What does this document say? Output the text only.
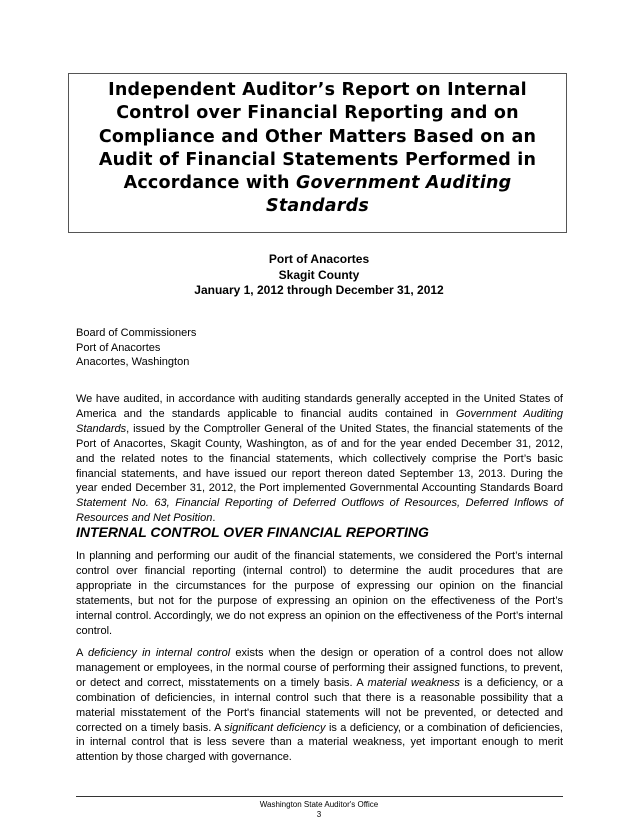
Independent Auditor’s Report on Internal
Control over Financial Reporting and on
Compliance and Other Matters Based on an
Audit of Financial Statements Performed in
Accordance with Government Auditing
Standards
Port of Anacortes
Skagit County
January 1, 2012 through December 31, 2012
Board of Commissioners
Port of Anacortes
Anacortes, Washington

We have audited, in accordance with auditing standards generally accepted in the United States of America and the standards applicable to financial audits contained in Government Auditing Standards, issued by the Comptroller General of the United States, the financial statements of the Port of Anacortes, Skagit County, Washington, as of and for the year ended December 31, 2012, and the related notes to the financial statements, which collectively comprise the Port’s basic financial statements, and have issued our report thereon dated September 13, 2013. During the year ended December 31, 2012, the Port implemented Governmental Accounting Standards Board Statement No. 63, Financial Reporting of Deferred Outflows of Resources, Deferred Inflows of Resources and Net Position.

INTERNAL CONTROL OVER FINANCIAL REPORTING

In planning and performing our audit of the financial statements, we considered the Port’s internal control over financial reporting (internal control) to determine the audit procedures that are appropriate in the circumstances for the purpose of expressing our opinion on the financial statements, but not for the purpose of expressing an opinion on the effectiveness of the Port’s internal control. Accordingly, we do not express an opinion on the effectiveness of the Port’s internal control.

A deficiency in internal control exists when the design or operation of a control does not allow management or employees, in the normal course of performing their assigned functions, to prevent, or detect and correct, misstatements on a timely basis. A material weakness is a deficiency, or a combination of deficiencies, in internal control such that there is a reasonable possibility that a material misstatement of the Port's financial statements will not be prevented, or detected and corrected on a timely basis. A significant deficiency is a deficiency, or a combination of deficiencies, in internal control that is less severe than a material weakness, yet important enough to merit attention by those charged with governance.

Washington State Auditor's Office
3
